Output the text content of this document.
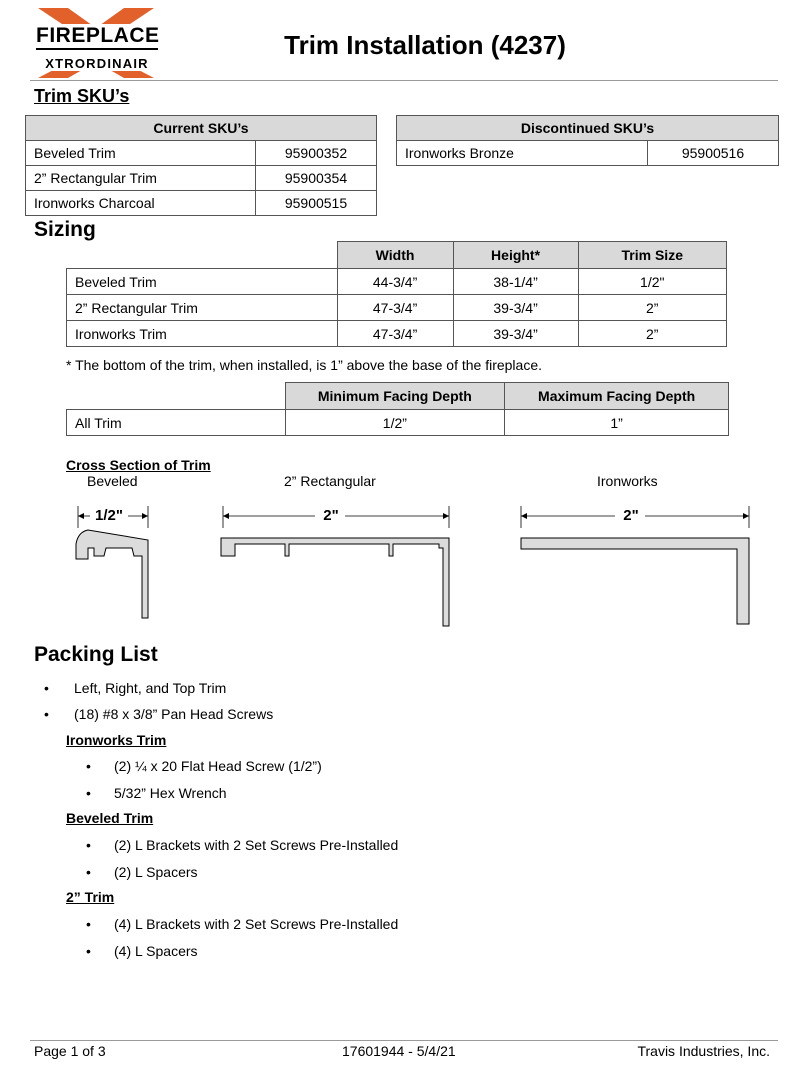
FIREPLACE
XTRORDINAIR
Trim Installation (4237)
Trim SKU’s
Current SKU’s	
Beveled Trim	95900352
2” Rectangular Trim	95900354
Ironworks Charcoal	95900515
Discontinued SKU’s
Ironworks Bronze	95900516
Sizing
	Width	Height*	Trim Size
Beveled Trim	44-3/4”	38-1/4”	1/2"
2” Rectangular Trim	47-3/4”	39-3/4”	2”
Ironworks Trim	47-3/4”	39-3/4”	2”
* The bottom of the trim, when installed, is 1” above the base of the fireplace.
	Minimum Facing Depth	Maximum Facing Depth
All Trim	1/2”	1”
Cross Section of Trim
Beveled	2” Rectangular	Ironworks
1/2"	2"	2"
Packing List
• Left, Right, and Top Trim
• (18) #8 x 3/8” Pan Head Screws
Ironworks Trim
• (2) ¼ x 20 Flat Head Screw (1/2”)
• 5/32” Hex Wrench
Beveled Trim
• (2) L Brackets with 2 Set Screws Pre-Installed
• (2) L Spacers
2” Trim
• (4) L Brackets with 2 Set Screws Pre-Installed
• (4) L Spacers
Page 1 of 3	17601944 - 5/4/21	Travis Industries, Inc.
